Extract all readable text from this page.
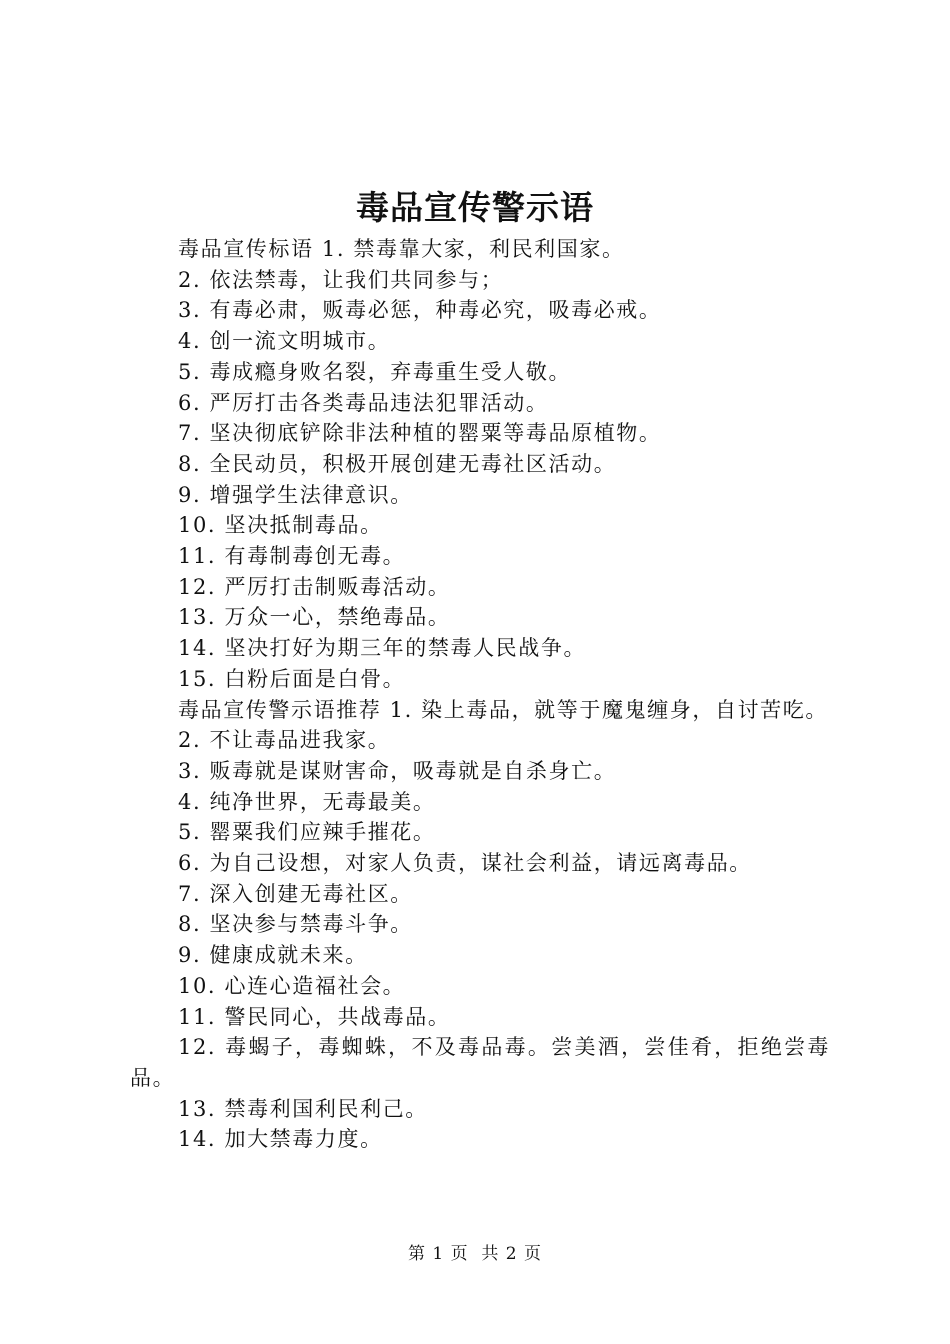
毒品宣传警示语

毒品宣传标语 1. 禁毒靠大家，利民利国家。

2. 依法禁毒，让我们共同参与；

3. 有毒必肃，贩毒必惩，种毒必究，吸毒必戒。

4. 创一流文明城市。

5. 毒成瘾身败名裂，弃毒重生受人敬。

6. 严厉打击各类毒品违法犯罪活动。

7. 坚决彻底铲除非法种植的罂粟等毒品原植物。

8. 全民动员，积极开展创建无毒社区活动。

9. 增强学生法律意识。

10. 坚决抵制毒品。

11. 有毒制毒创无毒。

12. 严厉打击制贩毒活动。

13. 万众一心，禁绝毒品。

14. 坚决打好为期三年的禁毒人民战争。

15. 白粉后面是白骨。

毒品宣传警示语推荐 1. 染上毒品，就等于魔鬼缠身，自讨苦吃。

2. 不让毒品进我家。

3. 贩毒就是谋财害命，吸毒就是自杀身亡。

4. 纯净世界，无毒最美。

5. 罂粟我们应辣手摧花。

6. 为自己设想，对家人负责，谋社会利益，请远离毒品。

7. 深入创建无毒社区。

8. 坚决参与禁毒斗争。

9. 健康成就未来。

10. 心连心造福社会。

11. 警民同心，共战毒品。

12. 毒蝎子，毒蜘蛛，不及毒品毒。尝美酒，尝佳肴，拒绝尝毒品。

13. 禁毒利国利民利己。

14. 加大禁毒力度。

第 1 页  共 2 页
